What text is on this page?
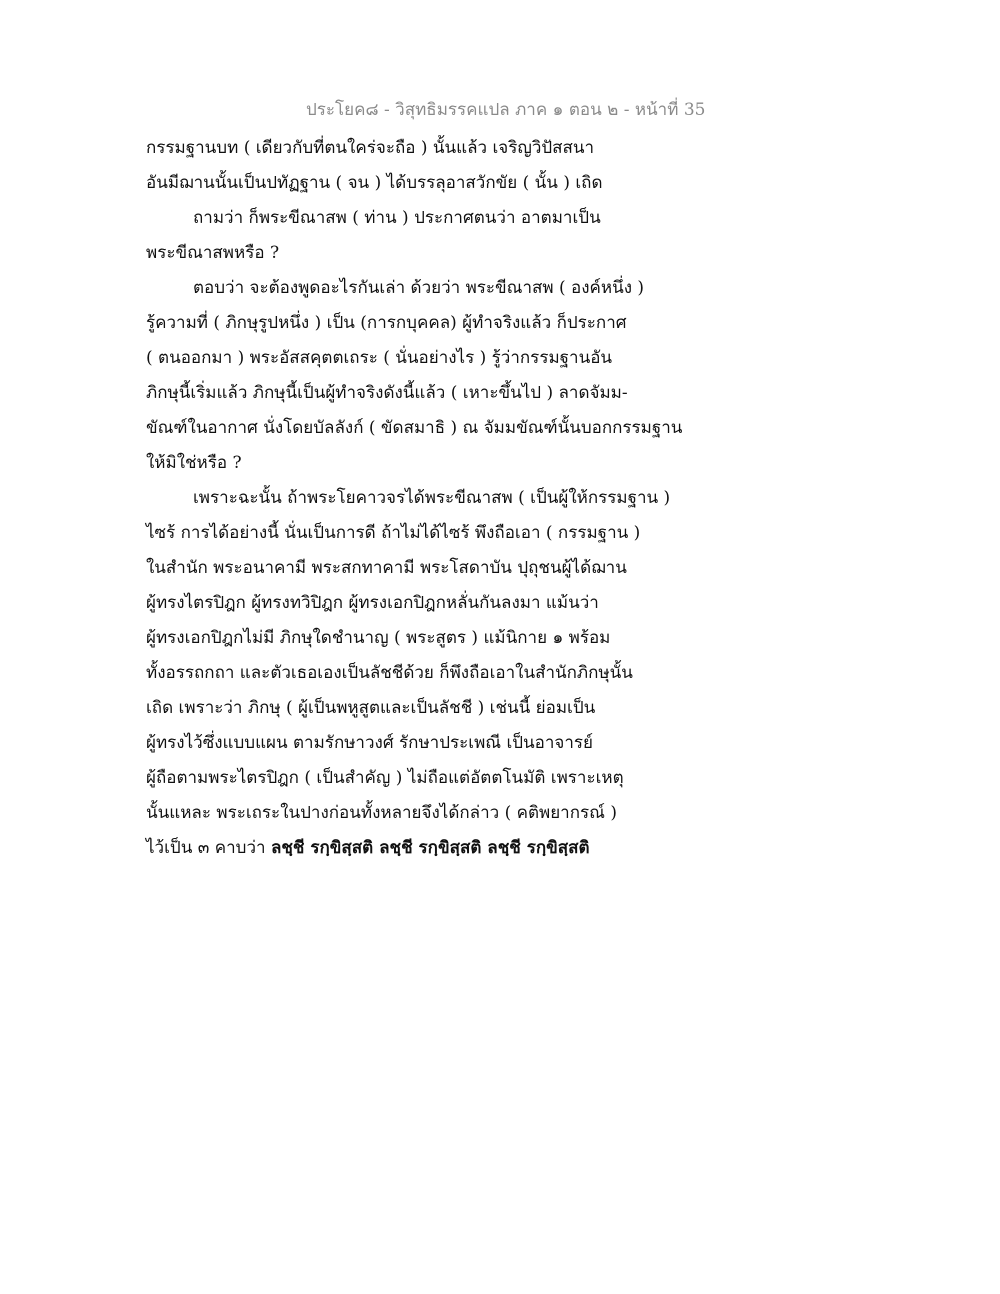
ประโยค๘ - วิสุทธิมรรคแปล ภาค ๑ ตอน ๒ - หน้าที่ 35
กรรมฐานบท ( เดียวกับที่ตนใคร่จะถือ ) นั้นแล้ว เจริญวิปัสสนา
อันมีฌานนั้นเป็นปทัฏฐาน ( จน ) ได้บรรลุอาสวักขัย ( นั้น ) เถิด
ถามว่า ก็พระขีณาสพ ( ท่าน ) ประกาศตนว่า อาตมาเป็น
พระขีณาสพหรือ ?
ตอบว่า จะต้องพูดอะไรกันเล่า ด้วยว่า พระขีณาสพ ( องค์หนึ่ง )
รู้ความที่ ( ภิกษุรูปหนึ่ง ) เป็น (การกบุคคล) ผู้ทำจริงแล้ว ก็ประกาศ
( ตนออกมา ) พระอัสสคุตตเถระ ( นั่นอย่างไร ) รู้ว่ากรรมฐานอัน
ภิกษุนี้เริ่มแล้ว ภิกษุนี้เป็นผู้ทำจริงดังนี้แล้ว ( เหาะขึ้นไป ) ลาดจัมม-
ขัณฑ์ในอากาศ นั่งโดยบัลลังก์ ( ขัดสมาธิ ) ณ จัมมขัณฑ์นั้นบอกกรรมฐาน
ให้มิใช่หรือ ?
เพราะฉะนั้น ถ้าพระโยคาวจรได้พระขีณาสพ ( เป็นผู้ให้กรรมฐาน )
ไซร้ การได้อย่างนี้ นั่นเป็นการดี ถ้าไม่ได้ไซร้ พึงถือเอา ( กรรมฐาน )
ในสำนัก พระอนาคามี พระสกทาคามี พระโสดาบัน ปุถุชนผู้ได้ฌาน
ผู้ทรงไตรปิฎก ผู้ทรงทวิปิฎก ผู้ทรงเอกปิฎกหลั่นกันลงมา แม้นว่า
ผู้ทรงเอกปิฎกไม่มี ภิกษุใดชำนาญ ( พระสูตร ) แม้นิกาย ๑ พร้อม
ทั้งอรรถกถา และตัวเธอเองเป็นลัชชีด้วย ก็พึงถือเอาในสำนักภิกษุนั้น
เถิด เพราะว่า ภิกษุ ( ผู้เป็นพหูสูตและเป็นลัชชี ) เช่นนี้ ย่อมเป็น
ผู้ทรงไว้ซึ่งแบบแผน ตามรักษาวงศ์ รักษาประเพณี เป็นอาจารย์
ผู้ถือตามพระไตรปิฎก ( เป็นสำคัญ ) ไม่ถือแต่อัตตโนมัติ เพราะเหตุ
นั้นแหละ พระเถระในปางก่อนทั้งหลายจึงได้กล่าว ( คติพยากรณ์ )
ไว้เป็น ๓ คาบว่า ลชฺชี รกฺขิสฺสติ ลชฺชี รกฺขิสฺสติ ลชฺชี รกฺขิสฺสติ
